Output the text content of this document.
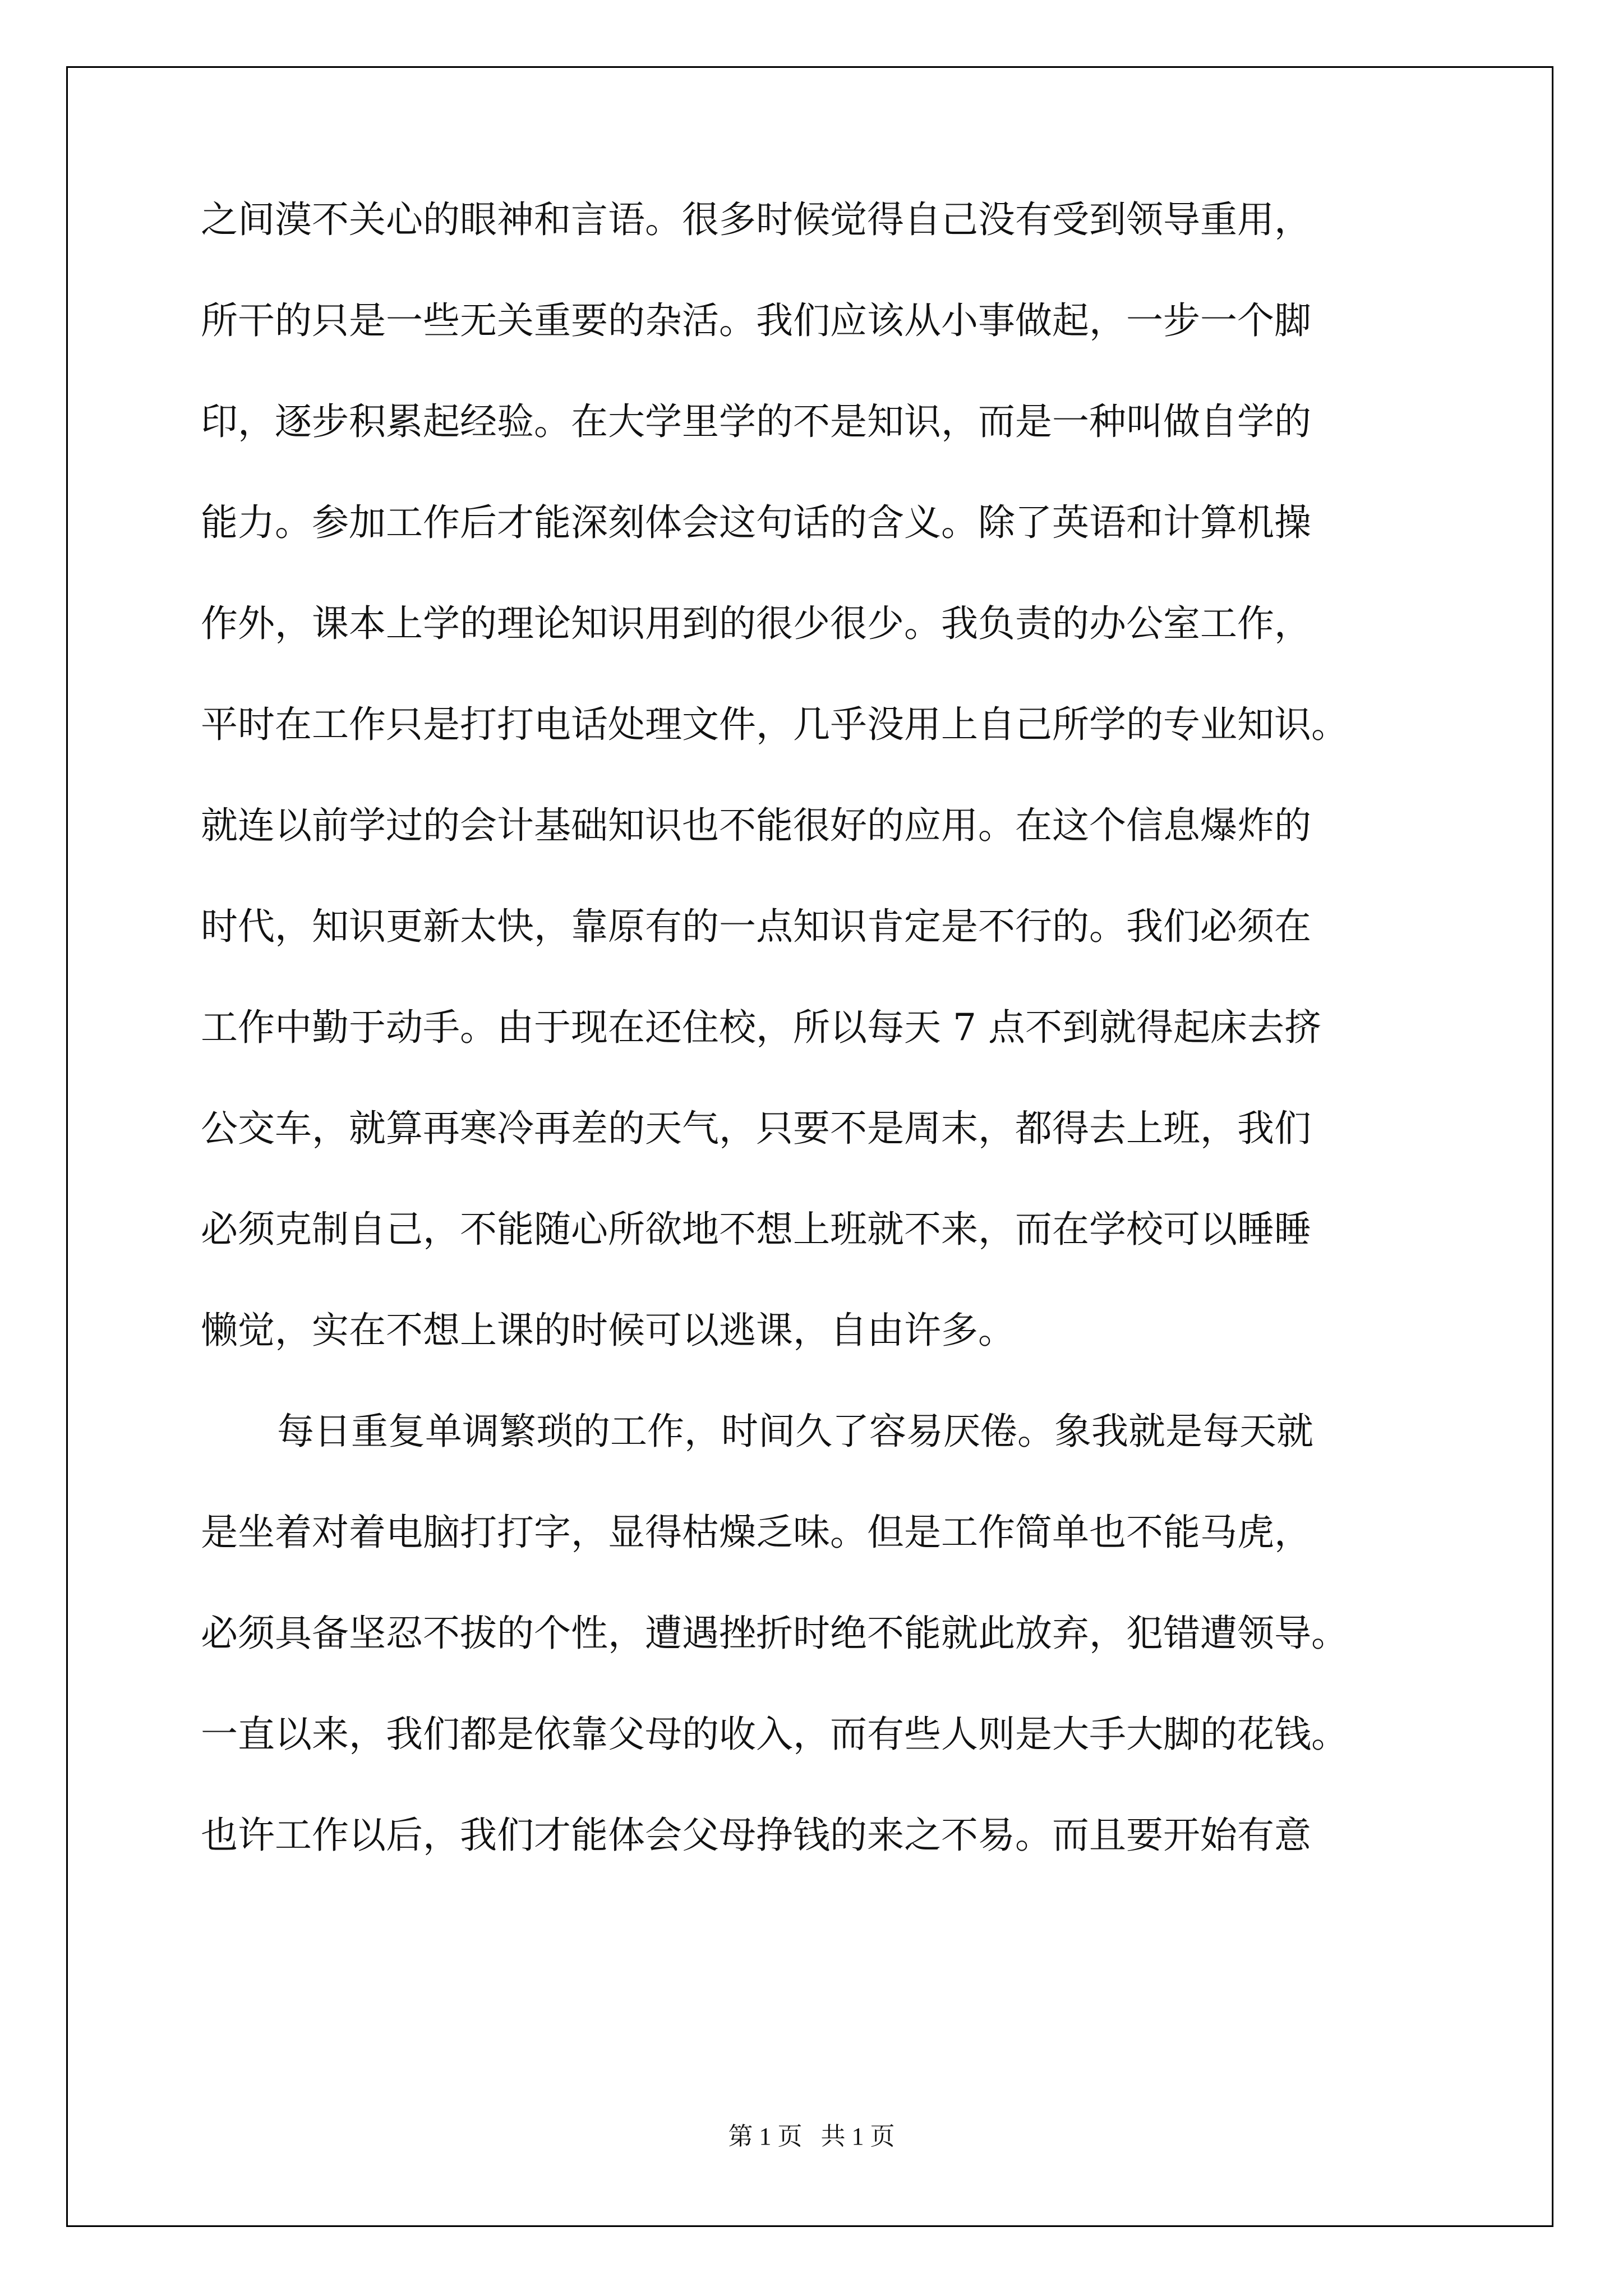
之间漠不关心的眼神和言语。很多时候觉得自己没有受到领导重用，
所干的只是一些无关重要的杂活。我们应该从小事做起，一步一个脚
印，逐步积累起经验。在大学里学的不是知识，而是一种叫做自学的
能力。参加工作后才能深刻体会这句话的含义。除了英语和计算机操
作外，课本上学的理论知识用到的很少很少。我负责的办公室工作，
平时在工作只是打打电话处理文件，几乎没用上自己所学的专业知识。
就连以前学过的会计基础知识也不能很好的应用。在这个信息爆炸的
时代，知识更新太快，靠原有的一点知识肯定是不行的。我们必须在
工作中勤于动手。由于现在还住校，所以每天 7 点不到就得起床去挤
公交车，就算再寒冷再差的天气，只要不是周末，都得去上班，我们
必须克制自己，不能随心所欲地不想上班就不来，而在学校可以睡睡
懒觉，实在不想上课的时候可以逃课，自由许多。
每日重复单调繁琐的工作，时间久了容易厌倦。象我就是每天就
是坐着对着电脑打打字，显得枯燥乏味。但是工作简单也不能马虎，
必须具备坚忍不拔的个性，遭遇挫折时绝不能就此放弃，犯错遭领导。
一直以来，我们都是依靠父母的收入，而有些人则是大手大脚的花钱。
也许工作以后，我们才能体会父母挣钱的来之不易。而且要开始有意
第 1 页   共 1 页
